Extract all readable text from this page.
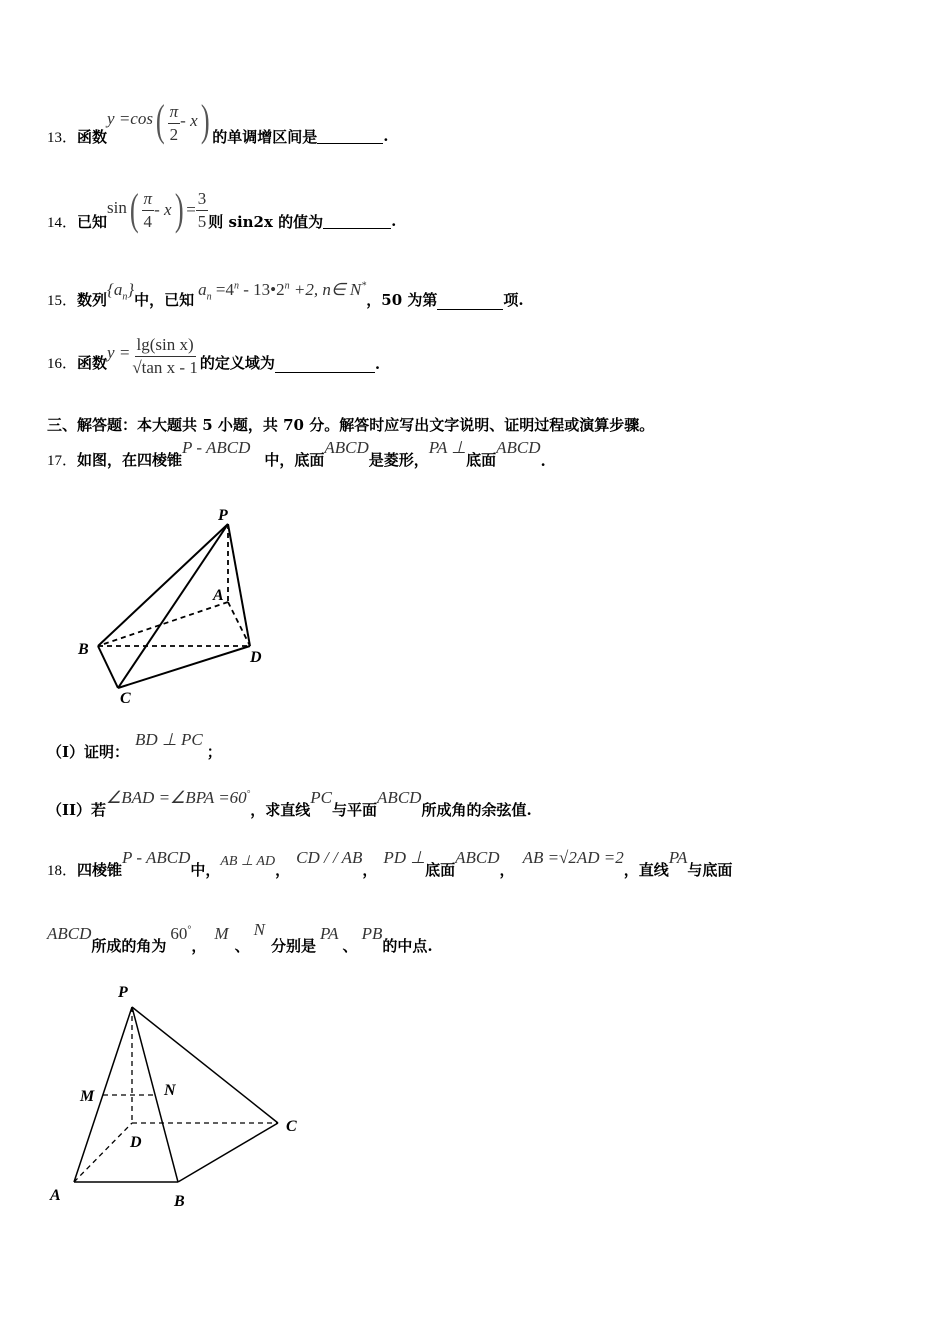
13． 函数
y =cos ( $\frac{\pi}{2}$ - x ) 的单调增区间是	.
14． 已知
sin ( $\frac{\pi}{4}$ - x ) = $\frac{3}{5}$ 则 sin2x 的值为	.
15． 数列
$\{a_n\}$
中，已知
$a_n =4^n$ - $13•2^n +2$, n∈ N*
，50 为第	项.
16． 函数
$y = \frac{\text{lg(sin x)}}{\text{√tan x - 1}}$ 的定义域为	.
三、解答题：本大题共 5 小题，共 70 分。解答时应写出文字说明、证明过程或演算步骤。
17． 如图，在四棱锥
P - ABCD
中，底面
ABCD
是菱形，
PA ⊥
底面
ABCD
.
P
A
B	D
C
（I）证明：
BD ⊥ PC
；
（II）若
∠BAD =∠BPA =60°
，求直线
PC
与平面
ABCD
所成角的余弦值.
18． 四棱锥
P - ABCD
中， AB ⊥ AD ，
CD / / AB
，
PD ⊥
底面
ABCD
，
AB =√2AD =2
，直线
PA
与底面
ABCD
所成的角为
60°
，
M
、
N
分别是
PA
、
PB
的中点.
P
M	N
D
C
A	B
